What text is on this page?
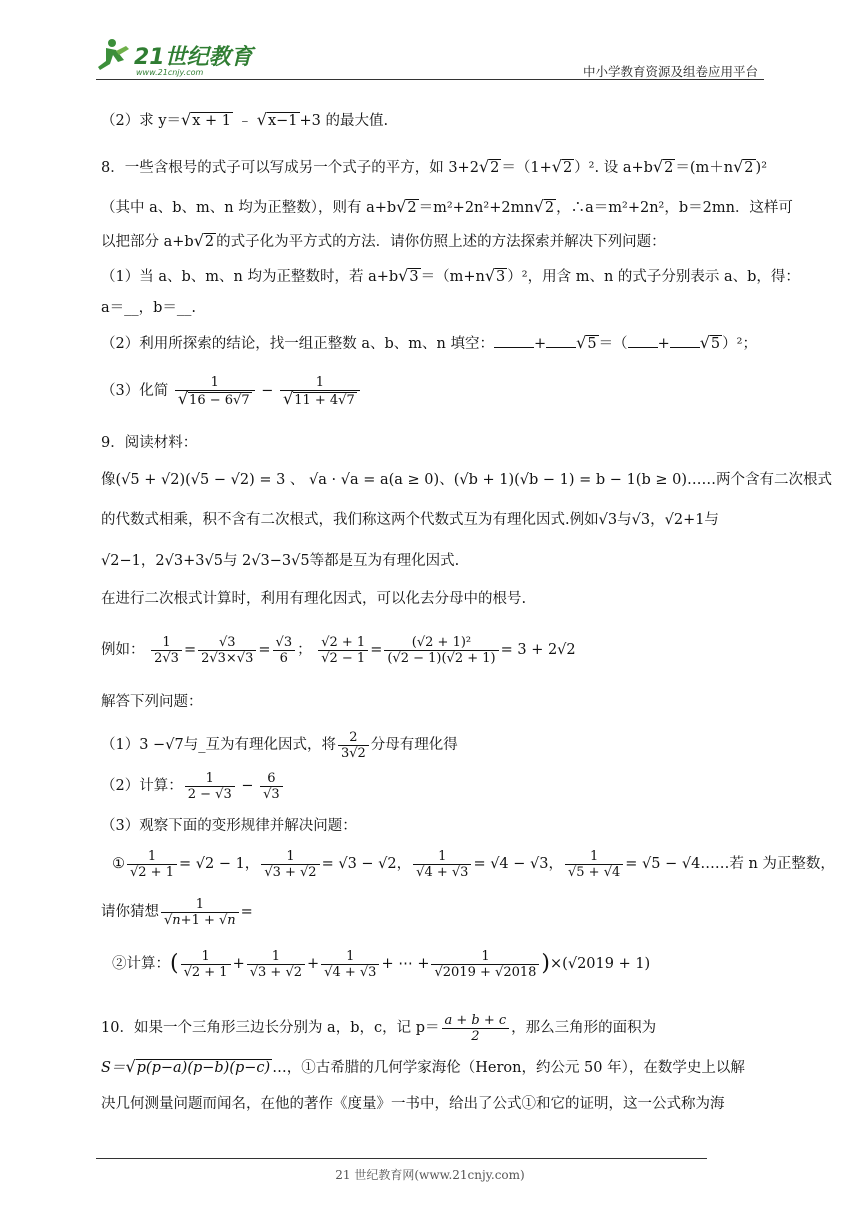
21世纪教育
www.21cnjy.com	中小学教育资源及组卷应用平台
（2）求 y＝√x + 1 ﹣ √x−1 +3 的最大值.
8．一些含根号的式子可以写成另一个式子的平方，如 3+2√2 ＝（1+√2 ）². 设 a+b√2 ＝(m＋n√2 )²
（其中 a、b、m、n 均为正整数），则有 a+b√2 ＝m²+2n²+2mn√2 ，∴a＝m²+2n²，b＝2mn．这样可
以把部分 a+b√2 的式子化为平方式的方法．请你仿照上述的方法探索并解决下列问题：
（1）当 a、b、m、n 均为正整数时，若 a+b√3 ＝（m+n√3 ）²，用含 m、n 的式子分别表示 a、b，得：
a＝__，b＝__.
（2）利用所探索的结论，找一组正整数 a、b、m、n 填空：	+ √5 ＝（ + √5 ）²；
（3）化简 $\frac{1}{√16 - 6√7} - \frac{1}{√11 + 4√7}$
9．阅读材料：
像(√5 + √2)(√5 − √2) = 3 、 √a · √a = a(a ≥ 0)、(√b + 1)(√b − 1) = b − 1(b ≥ 0)……两个含有二次根式
的代数式相乘，积不含有二次根式，我们称这两个代数式互为有理化因式.例如√3与√3，√2+1与
√2−1，2√3+3√5与 2√3−3√5等都是互为有理化因式.
在进行二次根式计算时，利用有理化因式，可以化去分母中的根号.
例如： $\frac{1}{2√3} = \frac{√3}{2√3\times√3} = \frac{√3}{6}$ ； $\frac{√2 + 1}{√2 - 1} = \frac{\text{(√2 + 1)²}}{(√2 - 1)(√2 + 1)} = 3 + 2√2$
解答下列问题：
（1）3 −√7与_互为有理化因式，将 $\frac{2}{3√2}$ 分母有理化得
（2）计算： $\frac{1}{2 - √3} - \frac{6}{√3}$
（3）观察下面的变形规律并解决问题：
① $\frac{1}{√2 + 1} = √2 - 1$， $\frac{1}{√3 + √2} = √3 - √2$， $\frac{1}{√4 + √3} = √4 - √3$， $\frac{1}{√5 + √4} = √5$ − √4……若 n 为正整数，
请你猜想 $\frac{1}{√n+1 + √n}$ =
②计算：( $\frac{1}{√2 + 1} + \frac{1}{√3 + √2} + \frac{1}{√4 + √3}$ + ⋯ + $\frac{1}{√2019 + √2018} )\times(√2019 + 1)$
10．如果一个三角形三边长分别为 a，b，c，记 $p= \frac{a + b + c}{2}$ ，那么三角形的面积为
S＝√p(p−a)(p−b)(p−c) …，①古希腊的几何学家海伦（Heron，约公元 50 年），在数学史上以解
决几何测量问题而闻名，在他的著作《度量》一书中，给出了公式①和它的证明，这一公式称为海
21 世纪教育网(www.21cnjy.com)
